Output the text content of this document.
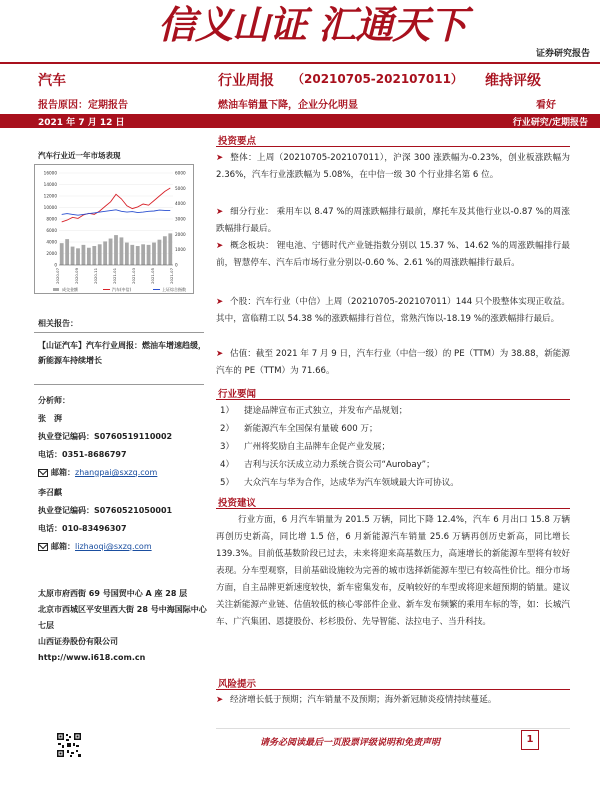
信义山证 汇通天下
证券研究报告
汽车	行业周报 （20210705-202107011） 维持评级
报告原因：定期报告	燃油车销量下降，企业分化明显	看好
2021 年 7 月 12 日	行业研究/定期报告
汽车行业近一年市场表现
16000
14000
12000
10000
8000
6000
4000
2000
0
6000
5000
4000
3000
2000
1000
0
2020-07	2020-09	2020-11	2021-01	2021-03	2021-05	2021-07
成交金额	汽车(中信)	上证综合指数
相关报告：
【山证汽车】汽车行业周报：燃油车增速趋缓，新能源车持续增长
分析师：
张　湃
执业登记编码：S0760519110002
电话：0351-8686797
邮箱：zhangpai@sxzq.com
李召麒
执业登记编码：S0760521050001
电话：010-83496307
邮箱：lizhaoqi@sxzq.com
太原市府西街 69 号国贸中心 A 座 28 层
北京市西城区平安里西大街 28 号中海国际中心七层
山西证券股份有限公司
http://www.i618.com.cn
投资要点
➤ 整体：上周（20210705-202107011），沪深 300 涨跌幅为-0.23%，创业板涨跌幅为 2.36%，汽车行业涨跌幅为 5.08%，在中信一级 30 个行业排名第 6 位。
➤ 细分行业： 乘用车以 8.47 %的周涨跌幅排行最前，摩托车及其他行业以-0.87 %的周涨跌幅排行最后。
➤ 概念板块： 锂电池、宁德时代产业链指数分别以 15.37 %、14.62 %的周涨跌幅排行最前，智慧停车、汽车后市场行业分别以-0.60 %、2.61 %的周涨跌幅排行最后。
➤ 个股：汽车行业（中信）上周（20210705-202107011）144 只个股整体实现正收益。其中，富临精工以 54.38 %的涨跌幅排行首位，常熟汽饰以-18.19 %的涨跌幅排行最后。
➤ 估值：截至 2021 年 7 月 9 日，汽车行业（中信一级）的 PE（TTM）为 38.88，新能源汽车的 PE（TTM）为 71.66。
行业要闻
1） 捷途品牌宣布正式独立，并发布产品规划；
2） 新能源汽车全国保有量破 600 万；
3） 广州将奖励自主品牌车企促产业发展；
4） 吉利与沃尔沃成立动力系统合资公司“Aurobay”；
5） 大众汽车与华为合作，达成华为汽车领域最大许可协议。
投资建议
行业方面，6 月汽车销量为 201.5 万辆，同比下降 12.4%，汽车 6 月出口 15.8 万辆再创历史新高，同比增 1.5 倍，6 月新能源汽车销量 25.6 万辆再创历史新高，同比增长 139.3%。目前低基数阶段已过去，未来将迎来高基数压力，高速增长的新能源车型将有较好表现。分车型观察，目前基础设施较为完善的城市选择新能源车型已有较高性价比。细分市场方面，自主品牌更新速度较快，新车密集发布，反响较好的车型或将迎来超预期的销量。建议关注新能源产业链、估值较低的核心零部件企业、新车发布频繁的乘用车标的等，如：长城汽车、广汽集团、恩捷股份、杉杉股份、先导智能、法拉电子、当升科技。
风险提示
➤ 经济增长低于预期；汽车销量不及预期；海外新冠肺炎疫情持续蔓延。
请务必阅读最后一页股票评级说明和免责声明	1
